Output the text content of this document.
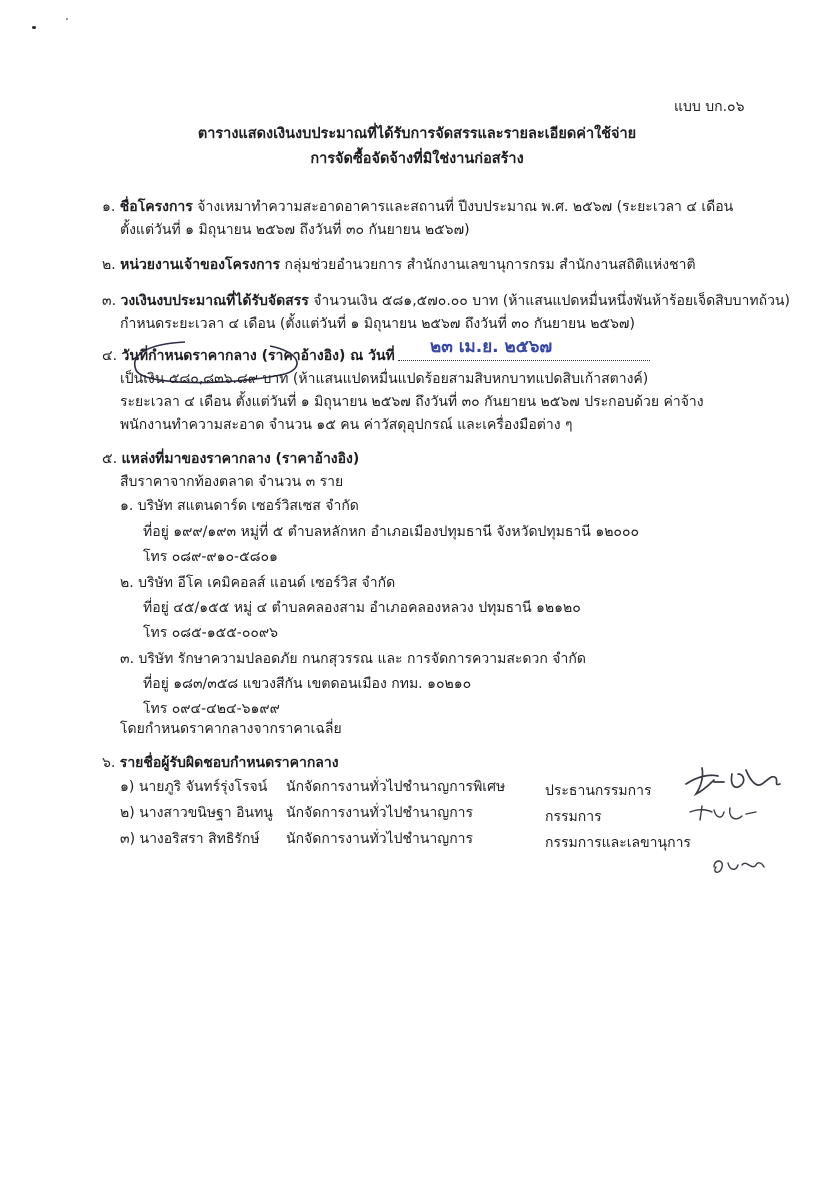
แบบ บก.๐๖
ตารางแสดงเงินงบประมาณที่ได้รับการจัดสรรและรายละเอียดค่าใช้จ่าย
การจัดซื้อจัดจ้างที่มิใช่งานก่อสร้าง
๑. ชื่อโครงการ จ้างเหมาทำความสะอาดอาคารและสถานที่ ปีงบประมาณ พ.ศ. ๒๕๖๗ (ระยะเวลา ๔ เดือน
ตั้งแต่วันที่ ๑ มิถุนายน ๒๕๖๗ ถึงวันที่ ๓๐ กันยายน ๒๕๖๗)
๒. หน่วยงานเจ้าของโครงการ กลุ่มช่วยอำนวยการ สำนักงานเลขานุการกรม สำนักงานสถิติแห่งชาติ
๓. วงเงินงบประมาณที่ได้รับจัดสรร จำนวนเงิน ๕๘๑,๕๗๐.๐๐ บาท (ห้าแสนแปดหมื่นหนึ่งพันห้าร้อยเจ็ดสิบบาทถ้วน)
กำหนดระยะเวลา ๔ เดือน (ตั้งแต่วันที่ ๑ มิถุนายน ๒๕๖๗ ถึงวันที่ ๓๐ กันยายน ๒๕๖๗)
๔. วันที่กำหนดราคากลาง (ราคาอ้างอิง) ณ วันที่ ๒๓ เม.ย. ๒๕๖๗
เป็นเงิน ๕๘๐,๘๓๖.๘๙ บาท (ห้าแสนแปดหมื่นแปดร้อยสามสิบหกบาทแปดสิบเก้าสตางค์)
ระยะเวลา ๔ เดือน ตั้งแต่วันที่ ๑ มิถุนายน ๒๕๖๗ ถึงวันที่ ๓๐ กันยายน ๒๕๖๗ ประกอบด้วย ค่าจ้าง
พนักงานทำความสะอาด จำนวน ๑๕ คน ค่าวัสดุอุปกรณ์ และเครื่องมือต่าง ๆ
๕. แหล่งที่มาของราคากลาง (ราคาอ้างอิง)
สืบราคาจากท้องตลาด จำนวน ๓ ราย
๑. บริษัท สแตนดาร์ด เซอร์วิสเซส จำกัด
ที่อยู่ ๑๙๙/๑๙๓ หมู่ที่ ๕ ตำบลหลักหก อำเภอเมืองปทุมธานี จังหวัดปทุมธานี ๑๒๐๐๐
โทร ๐๘๙-๙๑๐-๕๘๐๑
๒. บริษัท อีโค เคมิคอลส์ แอนด์ เซอร์วิส จำกัด
ที่อยู่ ๔๕/๑๕๕ หมู่ ๔ ตำบลคลองสาม อำเภอคลองหลวง ปทุมธานี ๑๒๑๒๐
โทร ๐๘๕-๑๕๕-๐๐๙๖
๓. บริษัท รักษาความปลอดภัย กนกสุวรรณ และ การจัดการความสะดวก จำกัด
ที่อยู่ ๑๘๓/๓๕๘ แขวงสีกัน เขตดอนเมือง กทม. ๑๐๒๑๐
โทร ๐๙๔-๔๒๔-๖๑๙๙
โดยกำหนดราคากลางจากราคาเฉลี่ย
๖. รายชื่อผู้รับผิดชอบกำหนดราคากลาง
๑) นายภูริ จันทร์รุ่งโรจน์ นักจัดการงานทั่วไปชำนาญการพิเศษ	ประธานกรรมการ
๒) นางสาวขนิษฐา อินทนู นักจัดการงานทั่วไปชำนาญการ	กรรมการ
๓) นางอริสรา สิทธิรักษ์ นักจัดการงานทั่วไปชำนาญการ	กรรมการและเลขานุการ
